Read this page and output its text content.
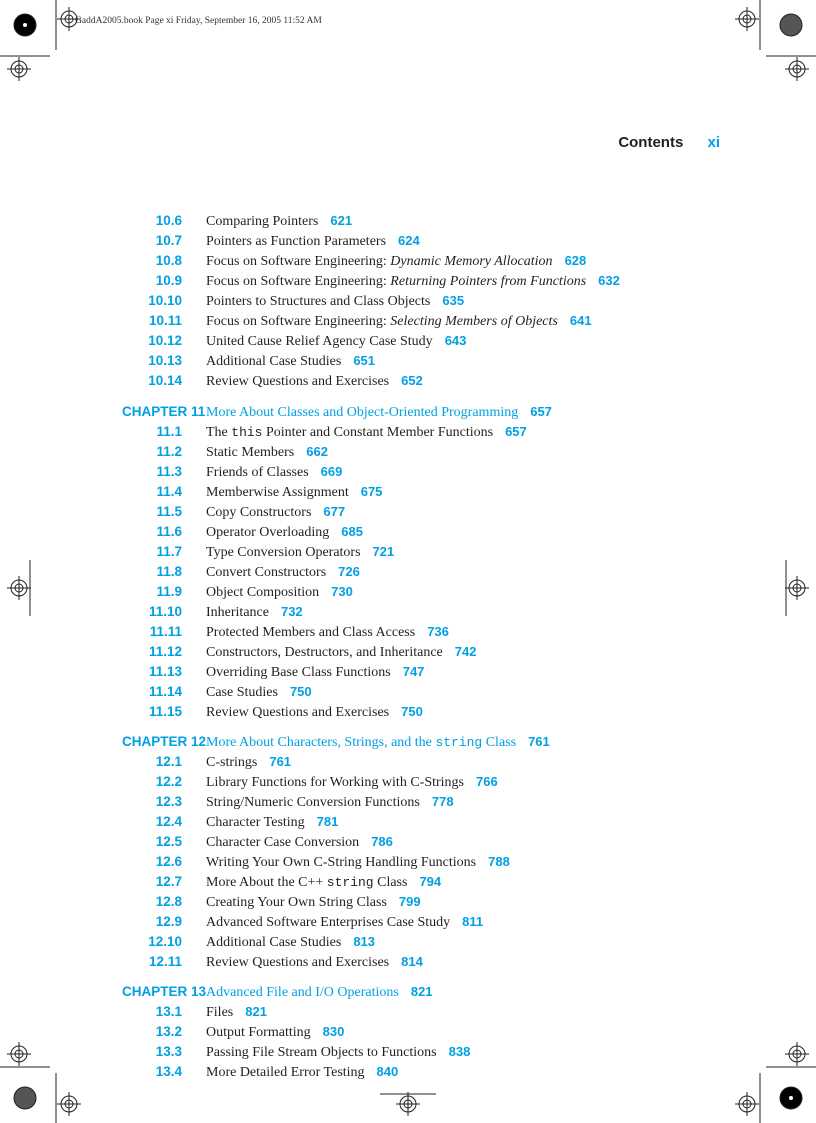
GaddA2005.book Page xi Friday, September 16, 2005 11:52 AM
Contents xi
10.6 Comparing Pointers 621
10.7 Pointers as Function Parameters 624
10.8 Focus on Software Engineering: Dynamic Memory Allocation 628
10.9 Focus on Software Engineering: Returning Pointers from Functions 632
10.10 Pointers to Structures and Class Objects 635
10.11 Focus on Software Engineering: Selecting Members of Objects 641
10.12 United Cause Relief Agency Case Study 643
10.13 Additional Case Studies 651
10.14 Review Questions and Exercises 652
CHAPTER 11 More About Classes and Object-Oriented Programming 657
11.1 The this Pointer and Constant Member Functions 657
11.2 Static Members 662
11.3 Friends of Classes 669
11.4 Memberwise Assignment 675
11.5 Copy Constructors 677
11.6 Operator Overloading 685
11.7 Type Conversion Operators 721
11.8 Convert Constructors 726
11.9 Object Composition 730
11.10 Inheritance 732
11.11 Protected Members and Class Access 736
11.12 Constructors, Destructors, and Inheritance 742
11.13 Overriding Base Class Functions 747
11.14 Case Studies 750
11.15 Review Questions and Exercises 750
CHAPTER 12 More About Characters, Strings, and the string Class 761
12.1 C-strings 761
12.2 Library Functions for Working with C-Strings 766
12.3 String/Numeric Conversion Functions 778
12.4 Character Testing 781
12.5 Character Case Conversion 786
12.6 Writing Your Own C-String Handling Functions 788
12.7 More About the C++ string Class 794
12.8 Creating Your Own String Class 799
12.9 Advanced Software Enterprises Case Study 811
12.10 Additional Case Studies 813
12.11 Review Questions and Exercises 814
CHAPTER 13 Advanced File and I/O Operations 821
13.1 Files 821
13.2 Output Formatting 830
13.3 Passing File Stream Objects to Functions 838
13.4 More Detailed Error Testing 840
